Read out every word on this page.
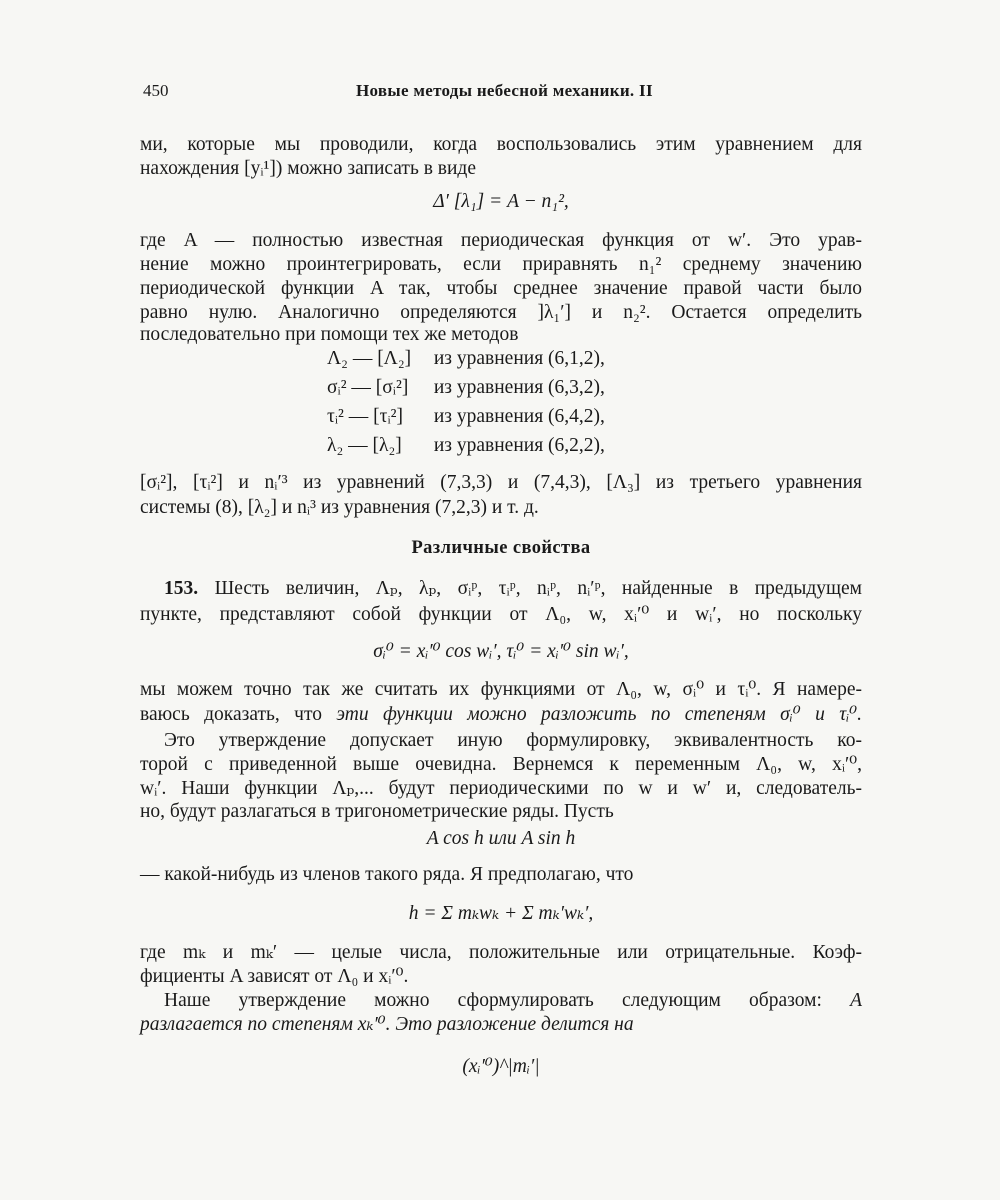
450	Новые методы небесной механики. II
ми, которые мы проводили, когда воспользовались этим уравнением для
нахождения [yᵢ¹]) можно записать в виде
Δ′ [λ₁] = A − n₁²,
где A — полностью известная периодическая функция от w′. Это урав-
нение можно проинтегрировать, если приравнять n₁² среднему значению
периодической функции A так, чтобы среднее значение правой части было
равно нулю. Аналогично определяются ]λ₁′] и n₂². Остается определить
последовательно при помощи тех же методов
Λ₂ — [Λ₂] из уравнения (6,1,2),
σᵢ² — [σᵢ²] из уравнения (6,3,2),
τᵢ² — [τᵢ²] из уравнения (6,4,2),
λ₂ — [λ₂] из уравнения (6,2,2),
[σᵢ²], [τᵢ²] и nᵢ′³ из уравнений (7,3,3) и (7,4,3), [Λ₃] из третьего уравнения
системы (8), [λ₂] и nᵢ³ из уравнения (7,2,3) и т. д.
Различные свойства
153. Шесть величин, Λₚ, λₚ, σᵢᵖ, τᵢᵖ, nᵢᵖ, nᵢ′ᵖ, найденные в предыдущем
пункте, представляют собой функции от Λ₀, w, xᵢ′⁰ и wᵢ′, но поскольку
σᵢ⁰ = xᵢ′⁰ cos wᵢ′, τᵢ⁰ = xᵢ′⁰ sin wᵢ′,
мы можем точно так же считать их функциями от Λ₀, w, σᵢ⁰ и τᵢ⁰. Я намере-
ваюсь доказать, что эти функции можно разложить по степеням σᵢ⁰ и τᵢ⁰.
Это утверждение допускает иную формулировку, эквивалентность ко-
торой с приведенной выше очевидна. Вернемся к переменным Λ₀, w, xᵢ′⁰,
wᵢ′. Наши функции Λₚ,... будут периодическими по w и w′ и, следователь-
но, будут разлагаться в тригонометрические ряды. Пусть
A cos h или A sin h
— какой-нибудь из членов такого ряда. Я предполагаю, что
h = Σ mₖwₖ + Σ mₖ′wₖ′,
где mₖ и mₖ′ — целые числа, положительные или отрицательные. Коэф-
фициенты A зависят от Λ₀ и xᵢ′⁰.
Наше утверждение можно сформулировать следующим образом: A
разлагается по степеням xₖ′⁰. Это разложение делится на
(xᵢ′⁰)^|mᵢ′|
